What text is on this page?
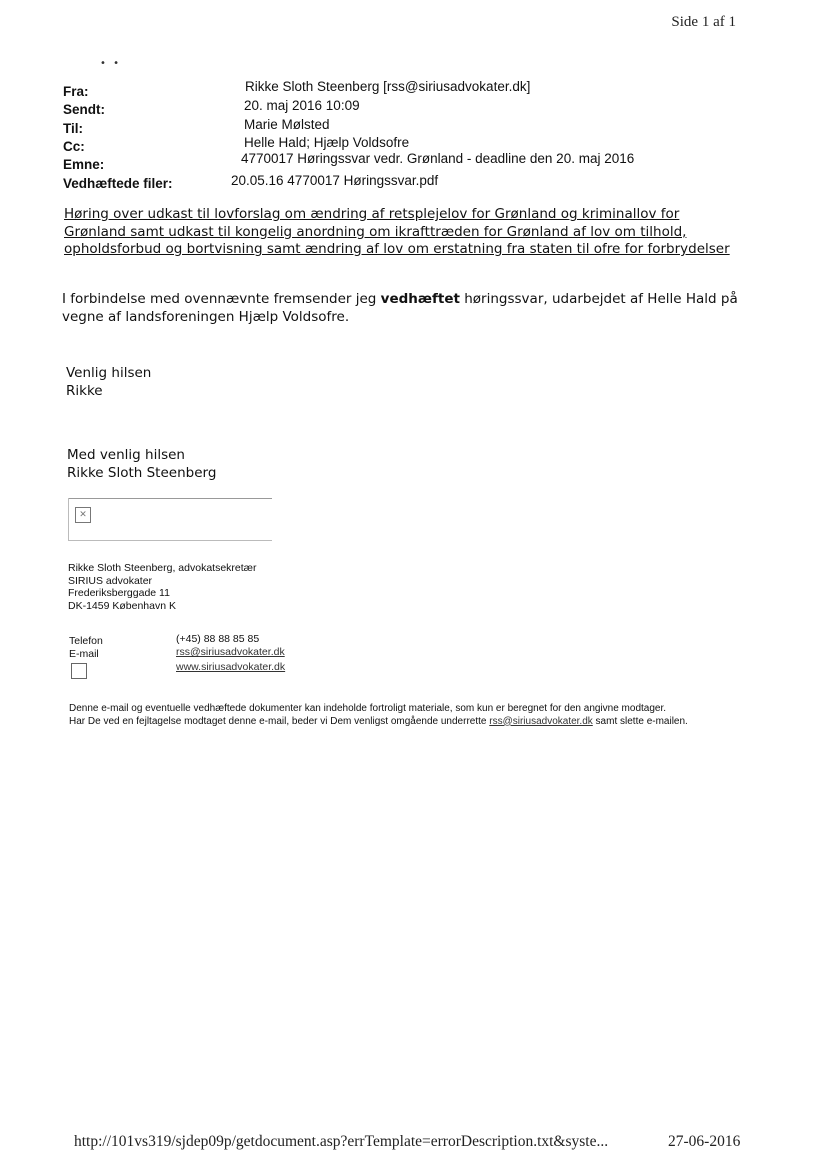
Side 1 af 1
• •
Fra:	Rikke Sloth Steenberg [rss@siriusadvokater.dk]
Sendt:	20. maj 2016 10:09
Til:	Marie Mølsted
Cc:	Helle Hald; Hjælp Voldsofre
Emne:	4770017 Høringssvar vedr. Grønland - deadline den 20. maj 2016
Vedhæftede filer:	20.05.16 4770017 Høringssvar.pdf
Høring over udkast til lovforslag om ændring af retsplejelov for Grønland og kriminallov for Grønland samt udkast til kongelig anordning om ikrafttræden for Grønland af lov om tilhold, opholdsforbud og bortvisning samt ændring af lov om erstatning fra staten til ofre for forbrydelser
I forbindelse med ovennævnte fremsender jeg vedhæftet høringssvar, udarbejdet af Helle Hald på vegne af landsforeningen Hjælp Voldsofre.
Venlig hilsen
Rikke
Med venlig hilsen
Rikke Sloth Steenberg
✕
Rikke Sloth Steenberg, advokatsekretær
SIRIUS advokater
Frederiksberggade 11
DK-1459 København K
Telefon	(+45) 88 88 85 85
E-mail	rss@siriusadvokater.dk
www.siriusadvokater.dk
Denne e-mail og eventuelle vedhæftede dokumenter kan indeholde fortroligt materiale, som kun er beregnet for den angivne modtager.
Har De ved en fejltagelse modtaget denne e-mail, beder vi Dem venligst omgående underrette rss@siriusadvokater.dk samt slette e-mailen.
http://101vs319/sjdep09p/getdocument.asp?errTemplate=errorDescription.txt&syste...	27-06-2016
